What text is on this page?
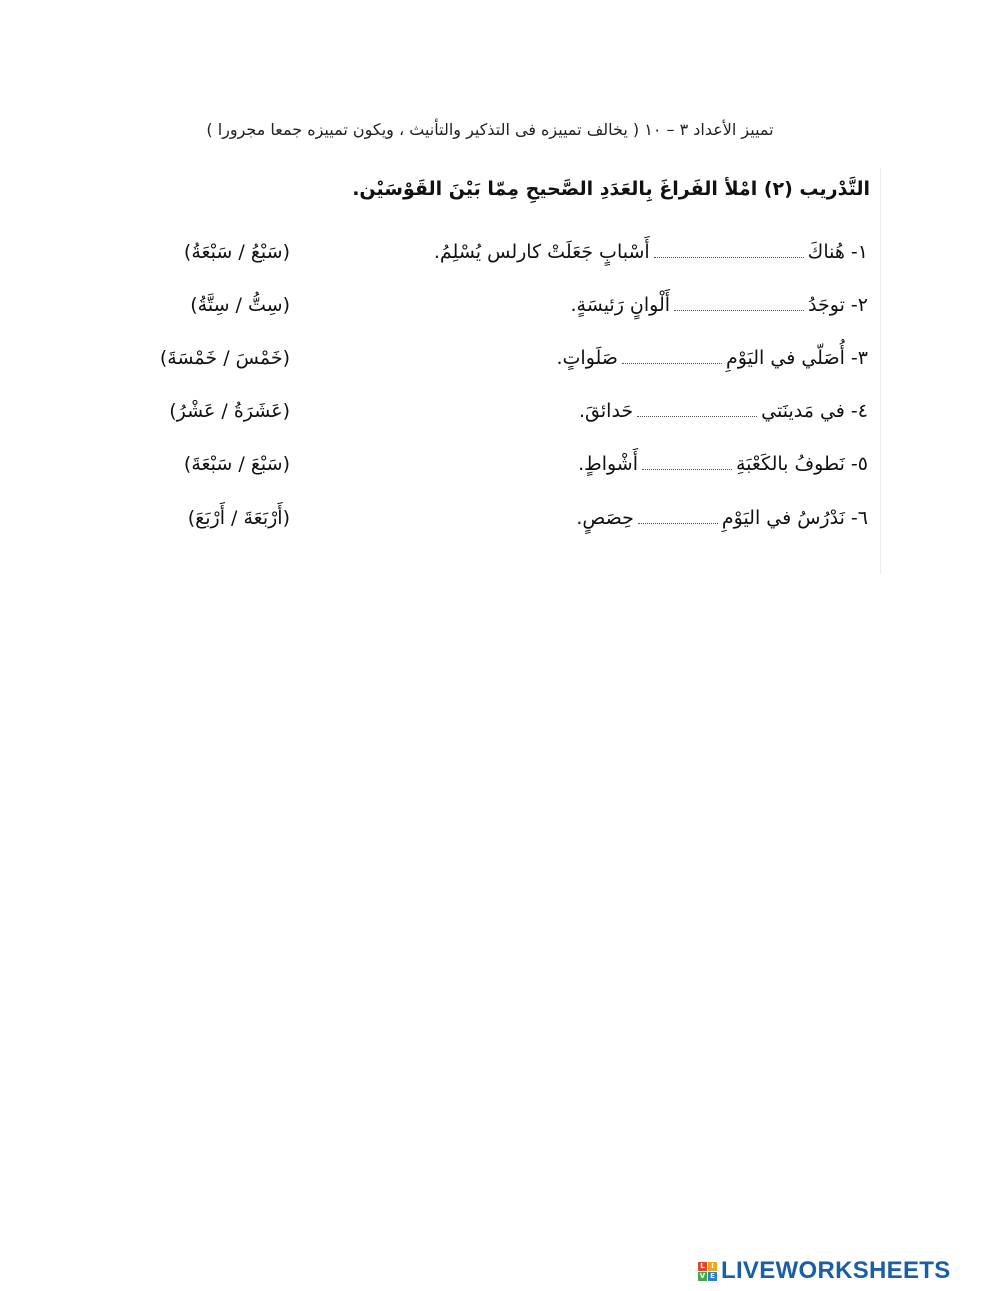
تمييز الأعداد ٣ – ١٠ ( يخالف تمييزه فى التذكير والتأنيث ، ويكون تمييزه جمعا مجرورا )
التَّدْريب (٢) امْلأ الفَراغَ بِالعَدَدِ الصَّحيحِ مِمّا بَيْنَ القَوْسَيْن.
١- هُناكَأَسْبابٍ جَعَلَتْ كارلس يُسْلِمُ.
(سَبْعُ / سَبْعَةُ)
٢- توجَدُأَلْوانٍ رَئيسَةٍ.
(سِتُّ / سِتَّةُ)
٣- أُصَلّي في اليَوْمِصَلَواتٍ.
(خَمْسَ / خَمْسَةَ)
٤- في مَدينَتيحَدائقَ.
(عَشَرَةُ / عَشْرُ)
٥- نَطوفُ بالكَعْبَةِأَشْواطٍ.
(سَبْعَ / سَبْعَةَ)
٦- نَدْرُسُ في اليَوْمِحِصَصٍ.
(أَرْبَعَةَ / أَرْبَعَ)
L I
V E LIVEWORKSHEETS
